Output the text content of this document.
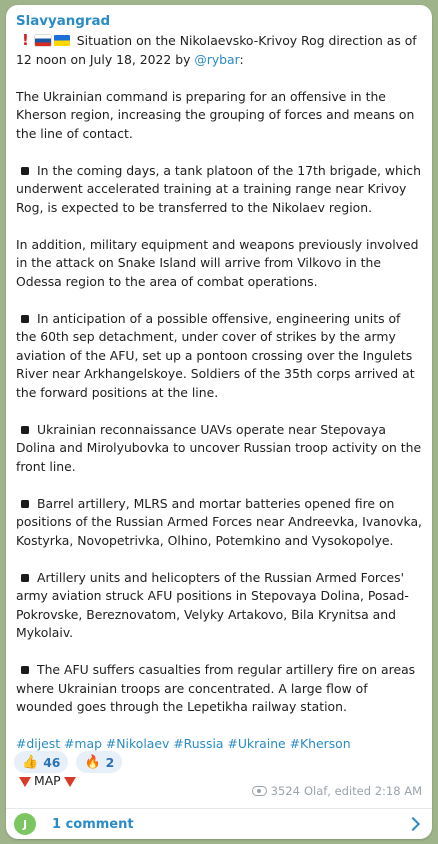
Slavyangrad

!	Situation on the Nikolaevsko-Krivoy Rog direction as of 12 noon on July 18, 2022 by @rybar:

The Ukrainian command is preparing for an offensive in the Kherson region, increasing the grouping of forces and means on the line of contact.

In the coming days, a tank platoon of the 17th brigade, which underwent accelerated training at a training range near Krivoy Rog, is expected to be transferred to the Nikolaev region.

In addition, military equipment and weapons previously involved in the attack on Snake Island will arrive from Vilkovo in the Odessa region to the area of combat operations.

In anticipation of a possible offensive, engineering units of the 60th sep detachment, under cover of strikes by the army aviation of the AFU, set up a pontoon crossing over the Ingulets River near Arkhangelskoye. Soldiers of the 35th corps arrived at the forward positions at the line.

Ukrainian reconnaissance UAVs operate near Stepovaya Dolina and Mirolyubovka to uncover Russian troop activity on the front line.

Barrel artillery, MLRS and mortar batteries opened fire on positions of the Russian Armed Forces near Andreevka, Ivanovka, Kostyrka, Novopetrivka, Olhino, Potemkino and Vysokopolye.

Artillery units and helicopters of the Russian Armed Forces' army aviation struck AFU positions in Stepovaya Dolina, Posad-Pokrovske, Bereznovatom, Velyky Artakovo, Bila Krynitsa and Mykolaiv.

The AFU suffers casualties from regular artillery fire on areas where Ukrainian troops are concentrated. A large flow of wounded goes through the Lepetikha railway station.

#dijest #map #Nikolaev #Russia #Ukraine #Kherson

MAP

👍 46 🔥 2
3524 Olaf, edited 2:18 AM
J	1 comment
